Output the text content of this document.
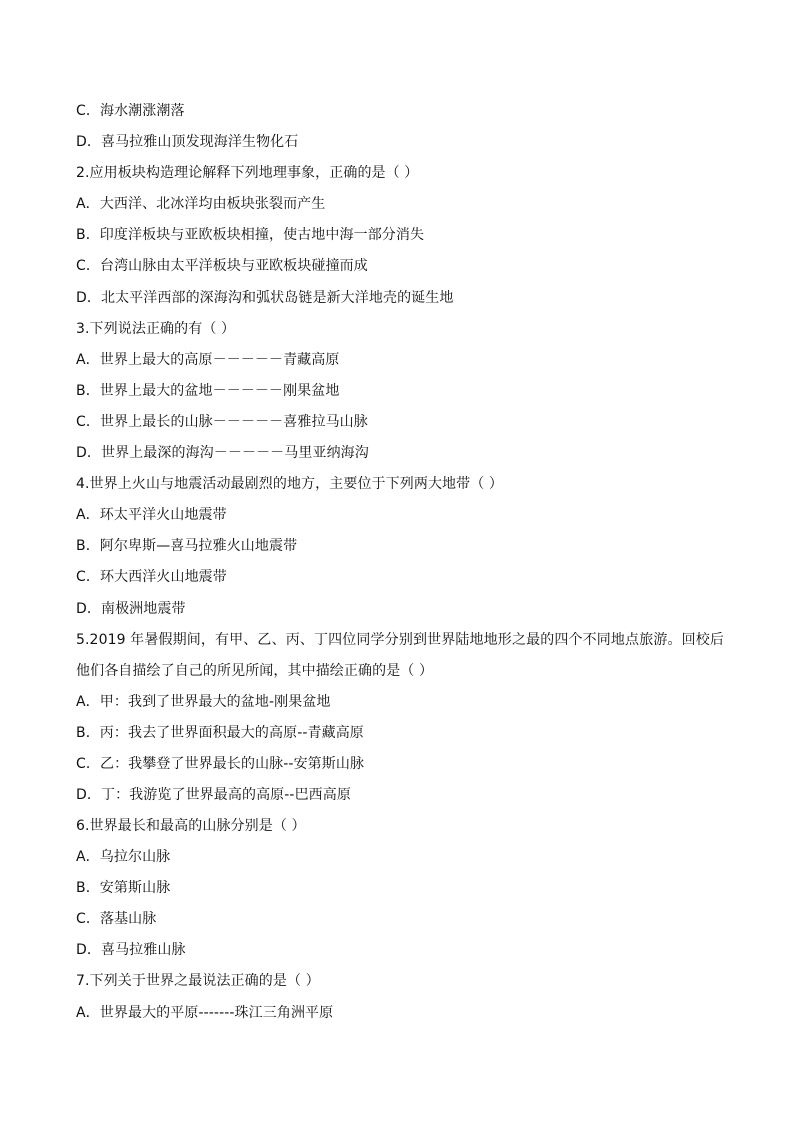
C．海水潮涨潮落
D．喜马拉雅山顶发现海洋生物化石
2.应用板块构造理论解释下列地理事象，正确的是（ ）
A．大西洋、北冰洋均由板块张裂而产生
B．印度洋板块与亚欧板块相撞，使古地中海一部分消失
C．台湾山脉由太平洋板块与亚欧板块碰撞而成
D．北太平洋西部的深海沟和弧状岛链是新大洋地壳的诞生地
3.下列说法正确的有（ ）
A．世界上最大的高原－－－－－青藏高原
B．世界上最大的盆地－－－－－刚果盆地
C．世界上最长的山脉－－－－－喜雅拉马山脉
D．世界上最深的海沟－－－－－马里亚纳海沟
4.世界上火山与地震活动最剧烈的地方，主要位于下列两大地带（ ）
A．环太平洋火山地震带
B．阿尔卑斯—喜马拉雅火山地震带
C．环大西洋火山地震带
D．南极洲地震带
5.2019 年暑假期间，有甲、乙、丙、丁四位同学分别到世界陆地地形之最的四个不同地点旅游。回校后他们各自描绘了自己的所见所闻，其中描绘正确的是（ ）
A．甲：我到了世界最大的盆地-刚果盆地
B．丙：我去了世界面积最大的高原--青藏高原
C．乙：我攀登了世界最长的山脉--安第斯山脉
D．丁：我游览了世界最高的高原--巴西高原
6.世界最长和最高的山脉分别是（ ）
A．乌拉尔山脉
B．安第斯山脉
C．落基山脉
D．喜马拉雅山脉
7.下列关于世界之最说法正确的是（ ）
A．世界最大的平原-------珠江三角洲平原
